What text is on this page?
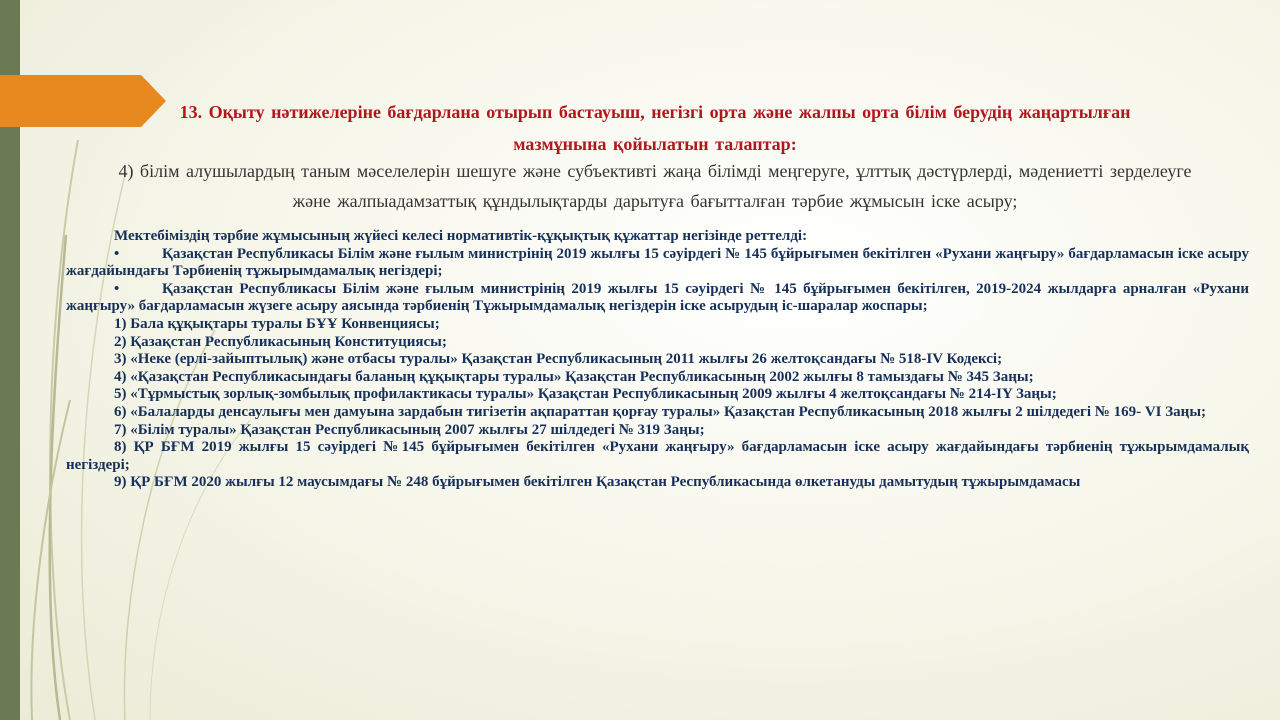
13. Оқыту нәтижелеріне бағдарлана отырып бастауыш, негізгі орта және жалпы орта білім берудің жаңартылған мазмұнына қойылатын талаптар:
4) білім алушылардың таным мәселелерін шешуге және субъективті жаңа білімді меңгеруге, ұлттық дәстүрлерді, мәдениетті зерделеуге және жалпыадамзаттық құндылықтарды дарытуға бағытталған тәрбие жұмысын іске асыру;

Мектебіміздің тәрбие жұмысының жүйесі келесі нормативтік-құқықтық құжаттар негізінде реттелді:

•	Қазақстан Республикасы Білім және ғылым министрінің 2019 жылғы 15 сәуірдегі № 145 бұйрығымен бекітілген «Рухани жаңғыру» бағдарламасын іске асыру жағдайындағы Тәрбиенің тұжырымдамалық негіздері;

•	Қазақстан Республикасы Білім және ғылым министрінің 2019 жылғы 15 сәуірдегі № 145 бұйрығымен бекітілген, 2019-2024 жылдарға арналған «Рухани жаңғыру» бағдарламасын жүзеге асыру аясында тәрбиенің Тұжырымдамалық негіздерін іске асырудың іс-шаралар жоспары;

1) Бала құқықтары туралы БҰҰ Конвенциясы;

2) Қазақстан Республикасының Конституциясы;

3) «Неке (ерлі-зайыптылық) және отбасы туралы» Қазақстан Республикасының 2011 жылғы 26 желтоқсандағы № 518-IV Кодексі;

4) «Қазақстан Республикасындағы баланың құқықтары туралы» Қазақстан Республикасының 2002 жылғы 8 тамыздағы № 345 Заңы;

5) «Тұрмыстық зорлық-зомбылық профилактикасы туралы» Қазақстан Республикасының 2009 жылғы 4 желтоқсандағы № 214-IY Заңы;

6) «Балаларды денсаулығы мен дамуына зардабын тигізетін ақпараттан қорғау туралы» Қазақстан Республикасының 2018 жылғы 2 шілдедегі № 169- VI Заңы;

7) «Білім туралы» Қазақстан Республикасының 2007 жылғы 27 шілдедегі № 319 Заңы;

8) ҚР БҒМ 2019 жылғы 15 сәуірдегі №145 бұйрығымен бекітілген «Рухани жаңғыру» бағдарламасын іске асыру жағдайындағы тәрбиенің тұжырымдамалық негіздері;

9) ҚР БҒМ 2020 жылғы 12 маусымдағы № 248 бұйрығымен бекітілген Қазақстан Республикасында өлкетануды дамытудың тұжырымдамасы
